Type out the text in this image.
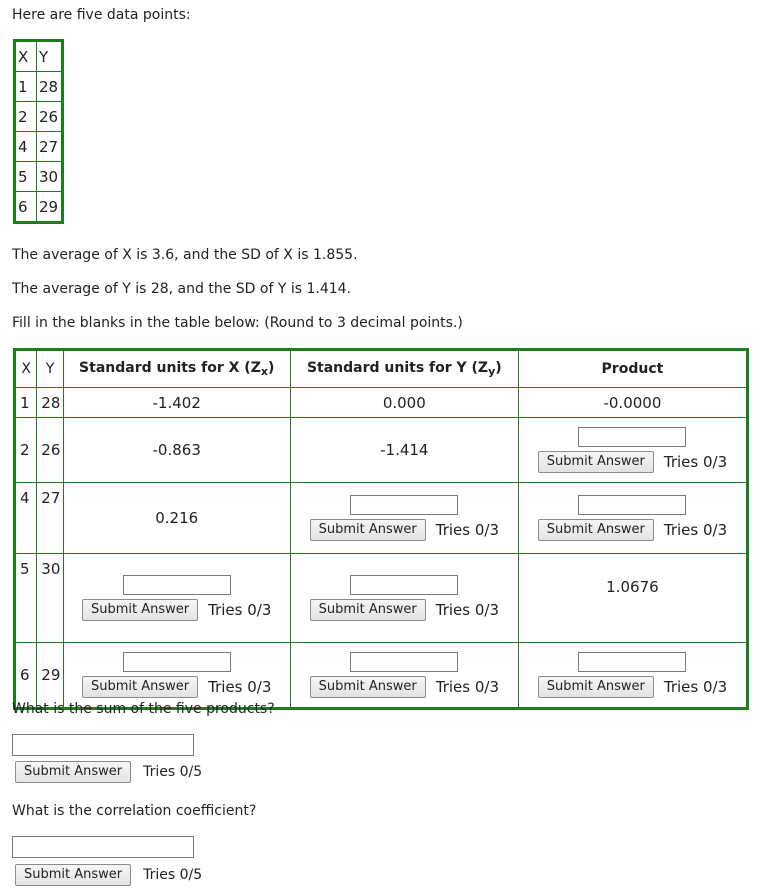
Here are five data points:

X	Y
1	28
2	26
4	27
5	30
6	29

The average of X is 3.6, and the SD of X is 1.855.

The average of Y is 28, and the SD of Y is 1.414.

Fill in the blanks in the table below: (Round to 3 decimal points.)

X	Y	Standard units for X $(Z_x)$	Standard units for Y $(Z_y)$	Product
1	28	-1.402	0.000	-0.0000
2	26	-0.863	-1.414	Submit Answer Tries 0/3

4	27	0.216	Submit Answer Tries 0/3	Submit Answer Tries 0/3

5	30	Submit Answer Tries 0/3	Submit Answer Tries 0/3	1.0676
6	29	Submit Answer Tries 0/3	Submit Answer Tries 0/3	Submit Answer Tries 0/3

What is the sum of the five products?

Submit Answer	Tries 0/5

What is the correlation coefficient?

Submit Answer	Tries 0/5
